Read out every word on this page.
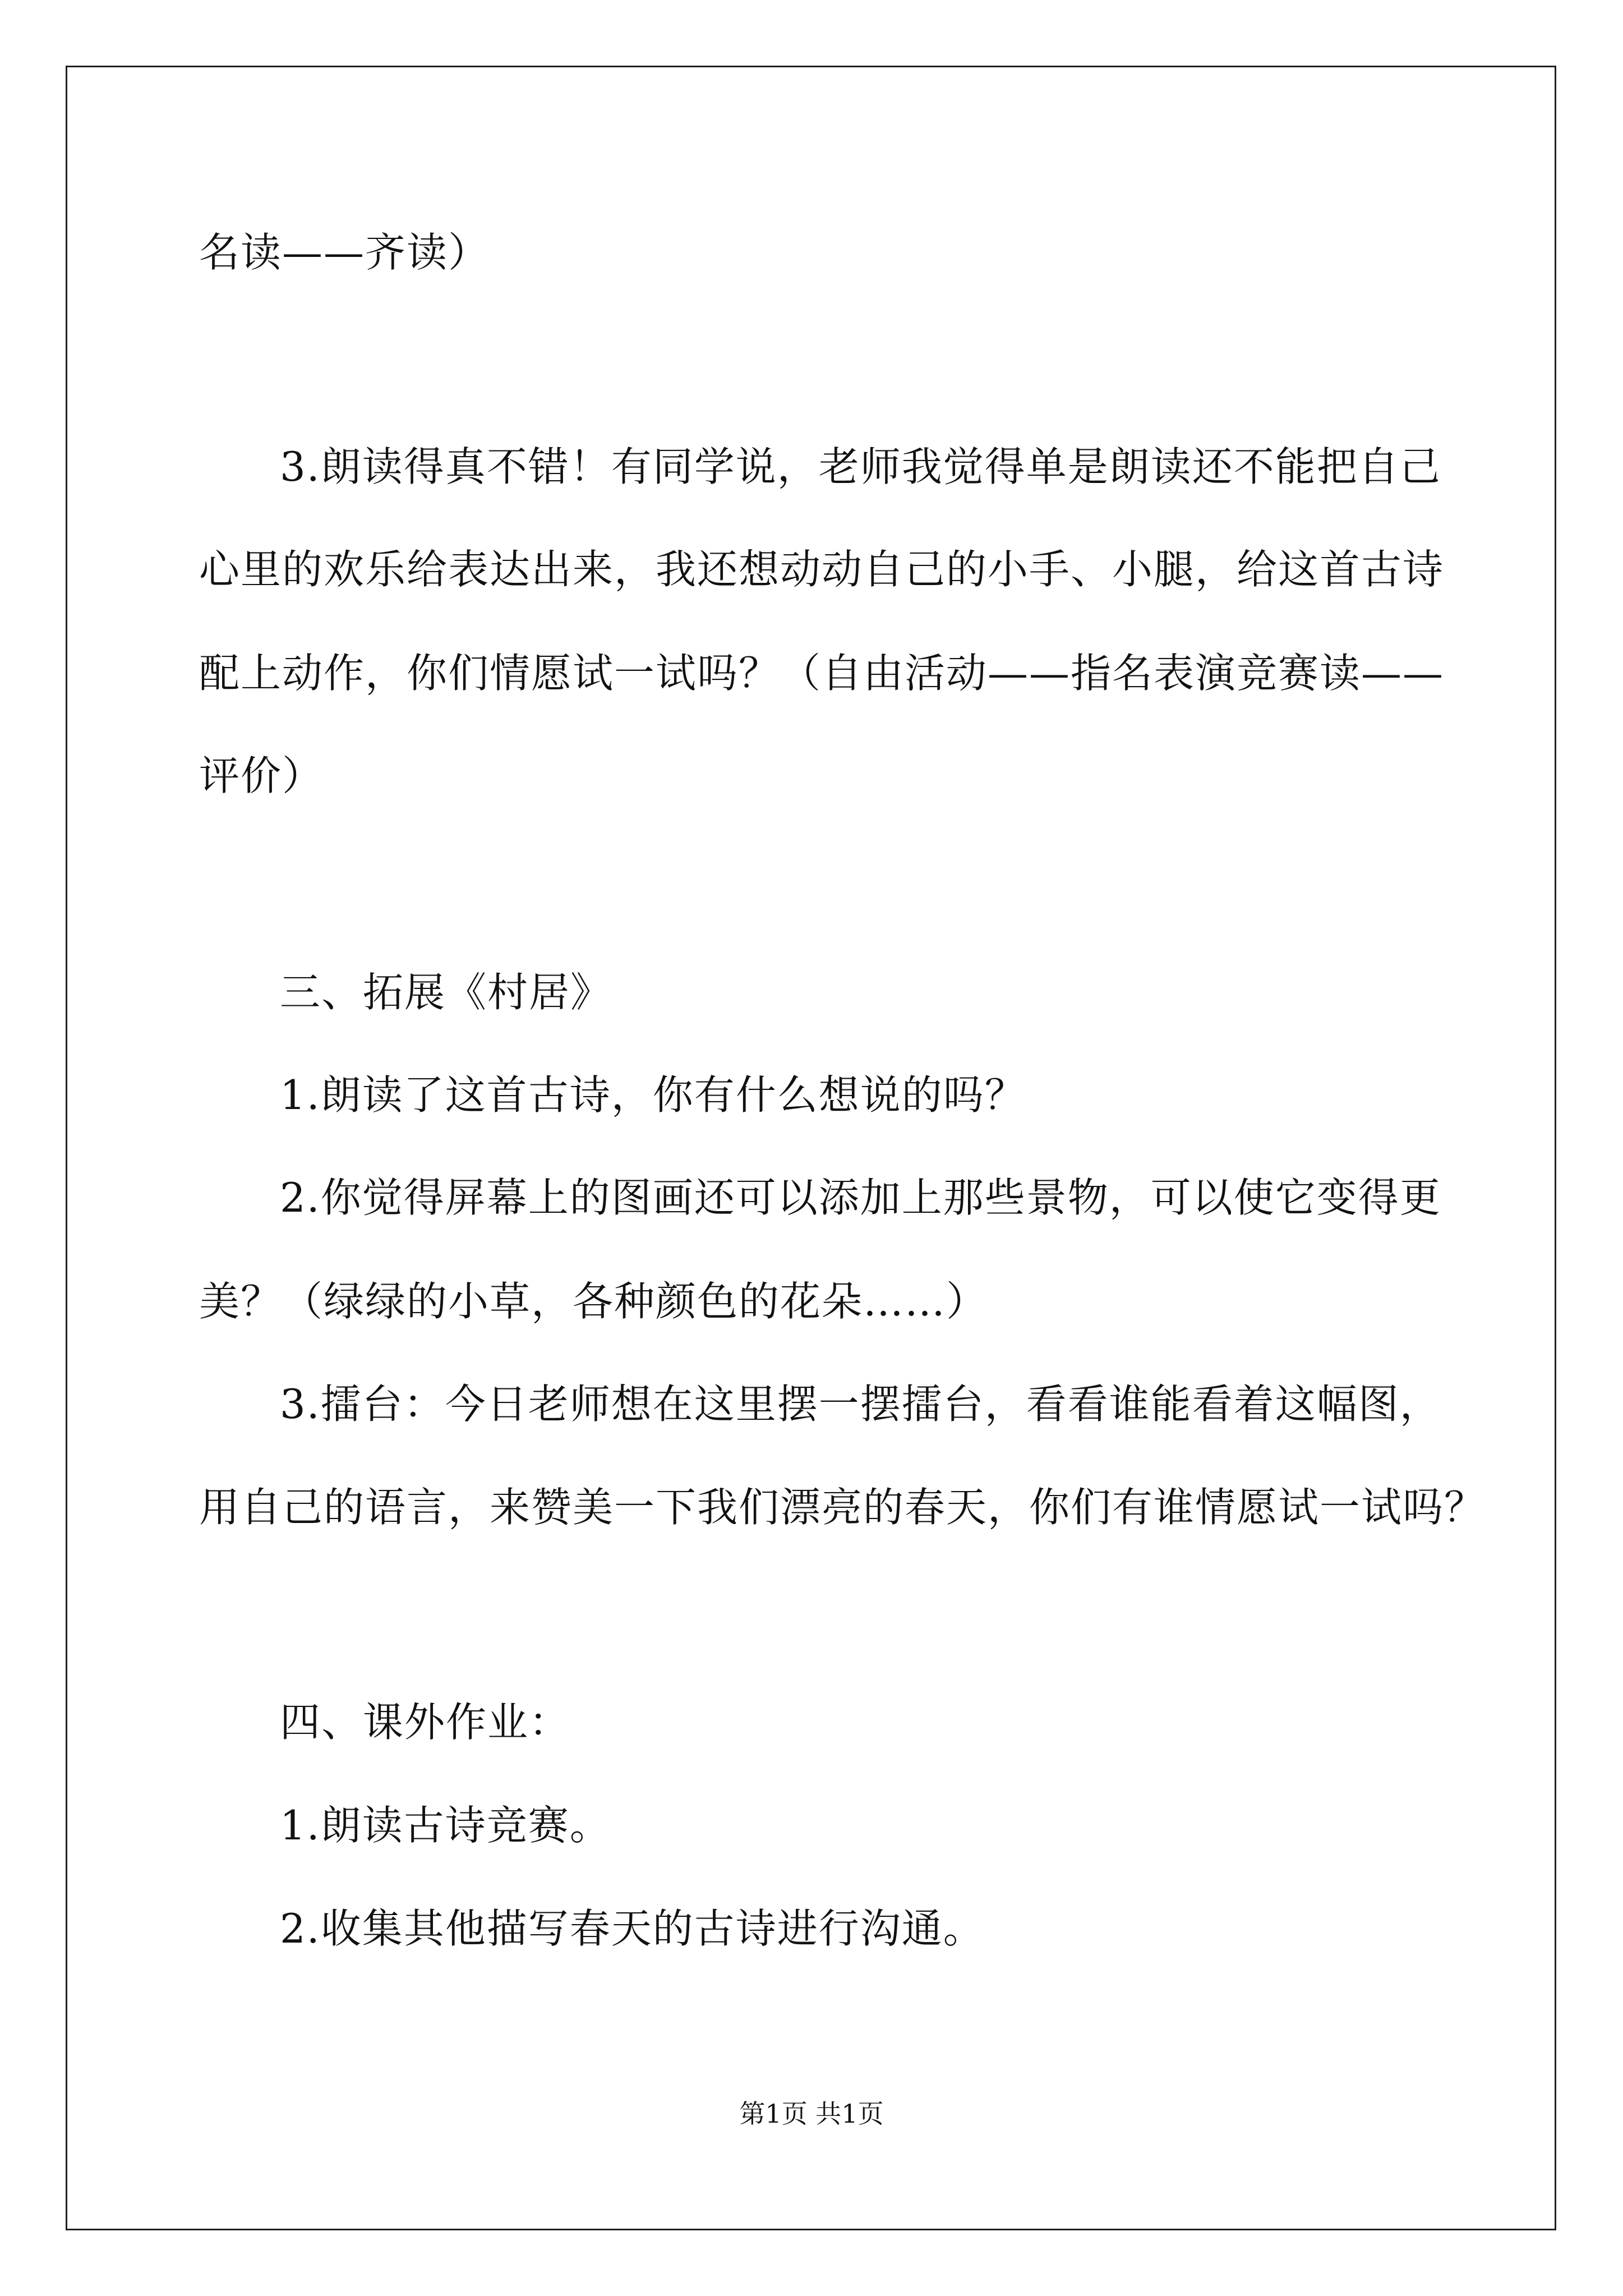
名读——齐读）
3.朗读得真不错！有同学说，老师我觉得单是朗读还不能把自己
心里的欢乐给表达出来，我还想动动自己的小手、小腿，给这首古诗
配上动作，你们情愿试一试吗？（自由活动——指名表演竞赛读——
评价）
三、拓展《村居》
1.朗读了这首古诗，你有什么想说的吗？
2.你觉得屏幕上的图画还可以添加上那些景物，可以使它变得更
美？（绿绿的小草，各种颜色的花朵……）
3.擂台：今日老师想在这里摆一摆擂台，看看谁能看着这幅图，
用自己的语言，来赞美一下我们漂亮的春天，你们有谁情愿试一试吗？
四、课外作业：
1.朗读古诗竞赛。
2.收集其他描写春天的古诗进行沟通。
第1页 共1页
